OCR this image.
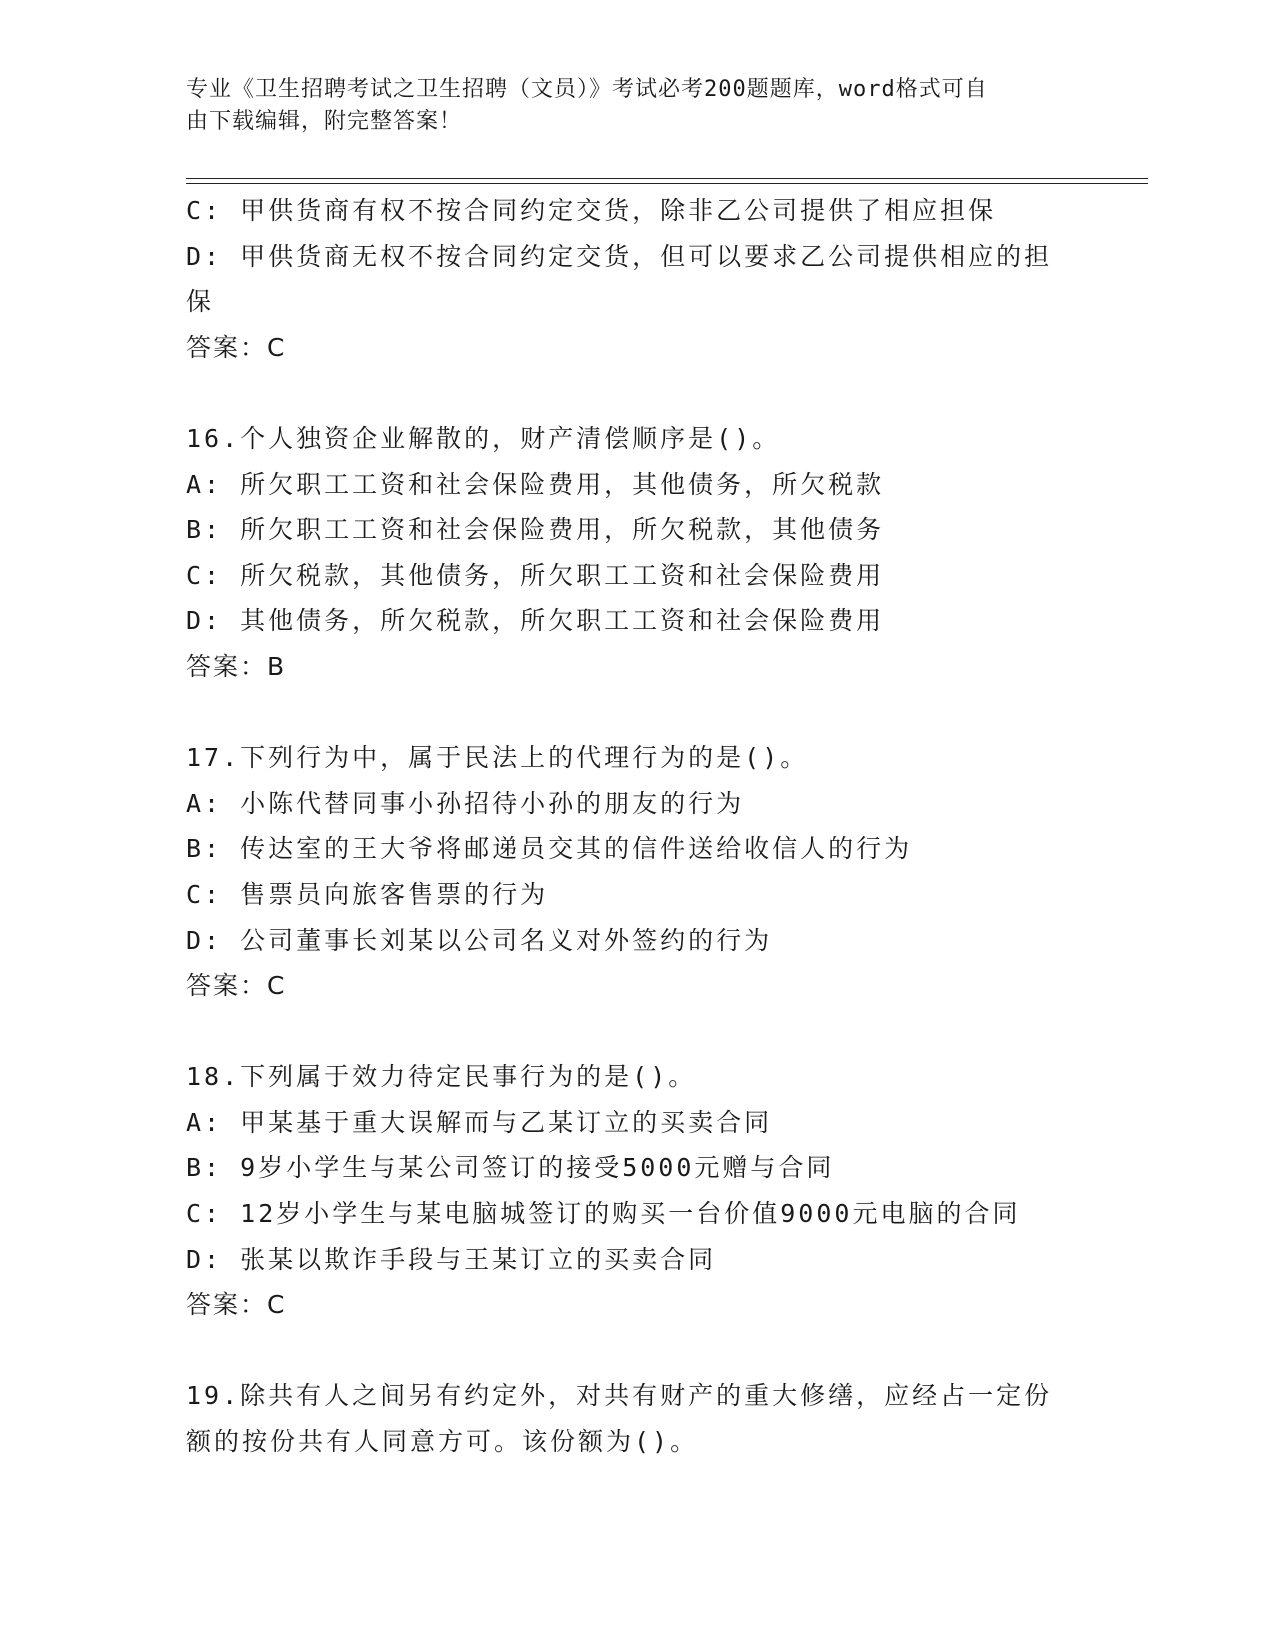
专业《卫生招聘考试之卫生招聘（文员）》考试必考200题题库，word格式可自
由下载编辑，附完整答案！
C: 甲供货商有权不按合同约定交货，除非乙公司提供了相应担保
D: 甲供货商无权不按合同约定交货，但可以要求乙公司提供相应的担
保
答案：C
16.个人独资企业解散的，财产清偿顺序是()。
A: 所欠职工工资和社会保险费用，其他债务，所欠税款
B: 所欠职工工资和社会保险费用，所欠税款，其他债务
C: 所欠税款，其他债务，所欠职工工资和社会保险费用
D: 其他债务，所欠税款，所欠职工工资和社会保险费用
答案：B
17.下列行为中，属于民法上的代理行为的是()。
A: 小陈代替同事小孙招待小孙的朋友的行为
B: 传达室的王大爷将邮递员交其的信件送给收信人的行为
C: 售票员向旅客售票的行为
D: 公司董事长刘某以公司名义对外签约的行为
答案：C
18.下列属于效力待定民事行为的是()。
A: 甲某基于重大误解而与乙某订立的买卖合同
B: 9岁小学生与某公司签订的接受5000元赠与合同
C: 12岁小学生与某电脑城签订的购买一台价值9000元电脑的合同
D: 张某以欺诈手段与王某订立的买卖合同
答案：C
19.除共有人之间另有约定外，对共有财产的重大修缮，应经占一定份
额的按份共有人同意方可。该份额为()。
